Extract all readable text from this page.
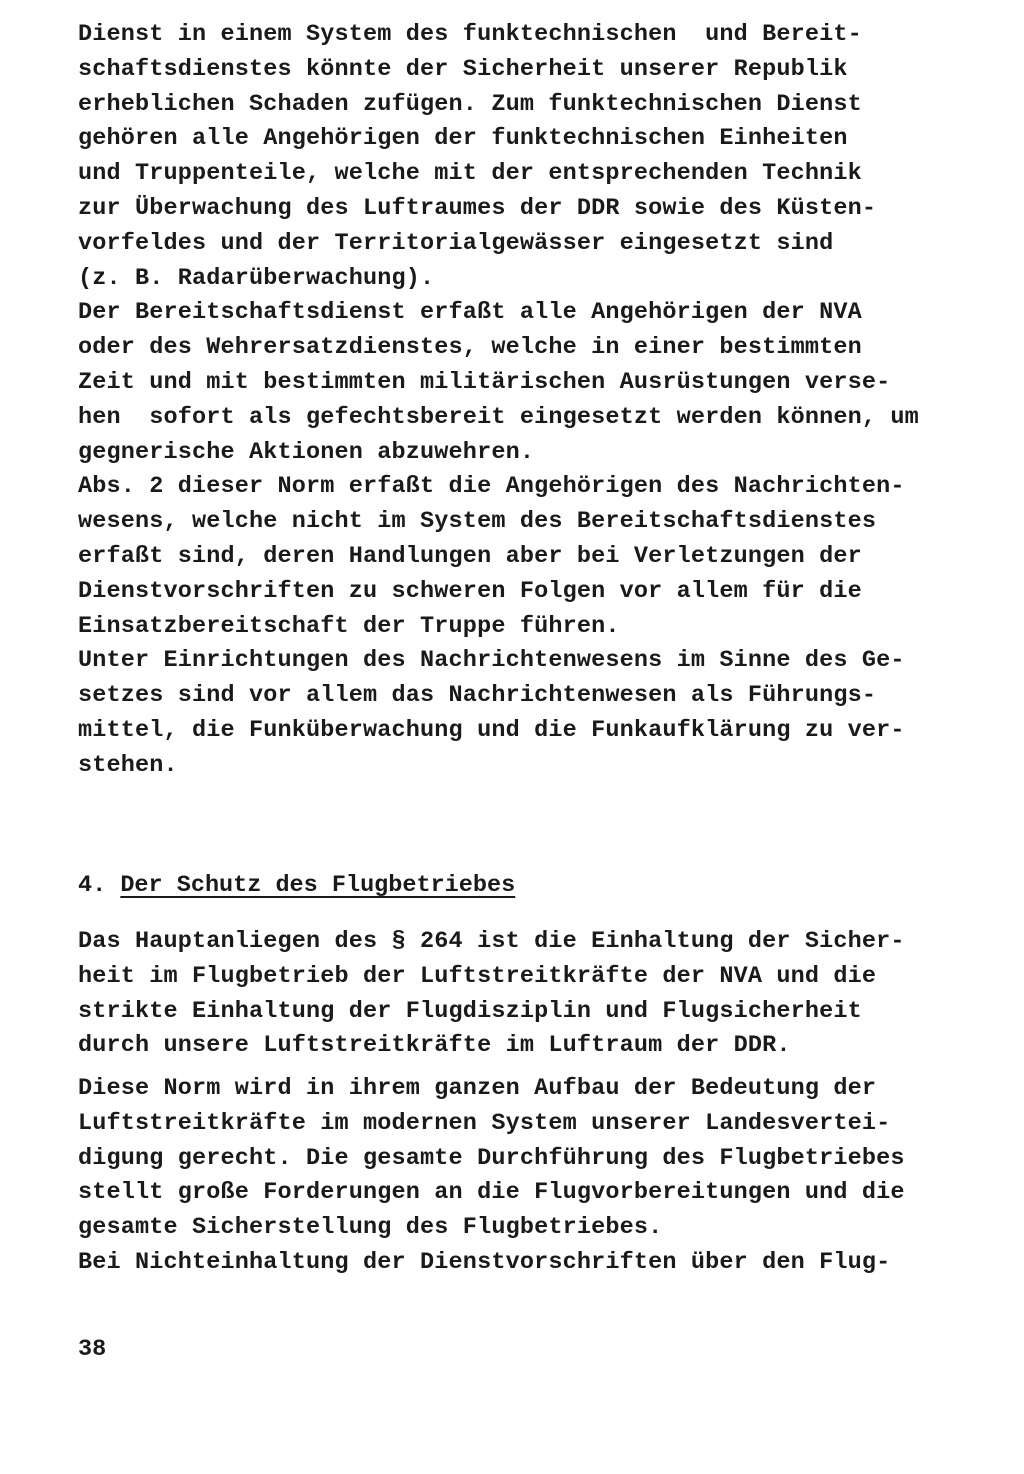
Dienst in einem System des funktechnischen  und Bereit-
schaftsdienstes könnte der Sicherheit unserer Republik
erheblichen Schaden zufügen. Zum funktechnischen Dienst
gehören alle Angehörigen der funktechnischen Einheiten
und Truppenteile, welche mit der entsprechenden Technik
zur Überwachung des Luftraumes der DDR sowie des Küsten-
vorfeldes und der Territorialgewässer eingesetzt sind
(z. B. Radarüberwachung).
Der Bereitschaftsdienst erfaßt alle Angehörigen der NVA
oder des Wehrersatzdienstes, welche in einer bestimmten
Zeit und mit bestimmten militärischen Ausrüstungen verse-
hen  sofort als gefechtsbereit eingesetzt werden können, um
gegnerische Aktionen abzuwehren.
Abs. 2 dieser Norm erfaßt die Angehörigen des Nachrichten-
wesens, welche nicht im System des Bereitschaftsdienstes
erfaßt sind, deren Handlungen aber bei Verletzungen der
Dienstvorschriften zu schweren Folgen vor allem für die
Einsatzbereitschaft der Truppe führen.
Unter Einrichtungen des Nachrichtenwesens im Sinne des Ge-
setzes sind vor allem das Nachrichtenwesen als Führungs-
mittel, die Funküberwachung und die Funkaufklärung zu ver-
stehen.
4. Der Schutz des Flugbetriebes
Das Hauptanliegen des § 264 ist die Einhaltung der Sicher-
heit im Flugbetrieb der Luftstreitkräfte der NVA und die
strikte Einhaltung der Flugdisziplin und Flugsicherheit
durch unsere Luftstreitkräfte im Luftraum der DDR.
Diese Norm wird in ihrem ganzen Aufbau der Bedeutung der
Luftstreitkräfte im modernen System unserer Landesvertei-
digung gerecht. Die gesamte Durchführung des Flugbetriebes
stellt große Forderungen an die Flugvorbereitungen und die
gesamte Sicherstellung des Flugbetriebes.
Bei Nichteinhaltung der Dienstvorschriften über den Flug-
38
